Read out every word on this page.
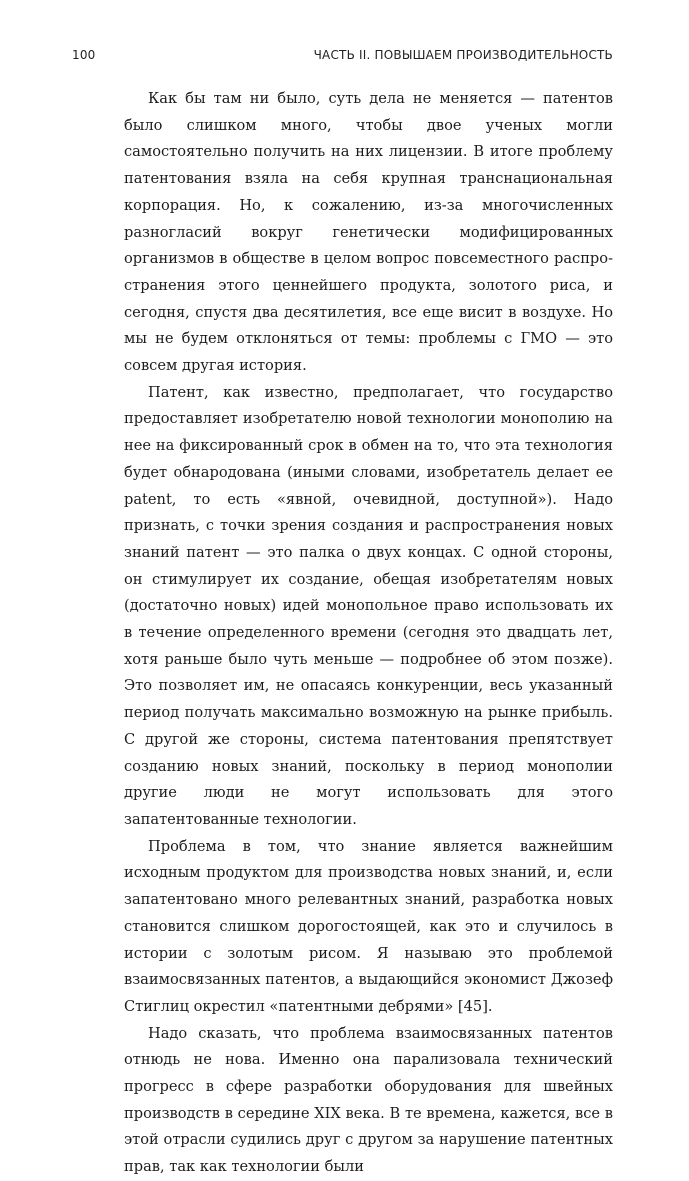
100	ЧАСТЬ II. ПОВЫШАЕМ ПРОИЗВОДИТЕЛЬНОСТЬ

Как бы там ни было, суть дела не меняется — патентов было слишком много, чтобы двое ученых могли самостоятельно получить на них лицензии. В итоге проблему патентования взяла на себя крупная транснациональная корпорация. Но, к сожалению, из-за многочисленных разногласий вокруг генетически модифицированных организмов в обществе в целом вопрос повсеместного распространения этого ценнейшего продукта, золотого риса, и сегодня, спустя два десятилетия, все еще висит в воздухе. Но мы не будем отклоняться от темы: проблемы с ГМО — это совсем другая история.

Патент, как известно, предполагает, что государство предоставляет изобретателю новой технологии монополию на нее на фиксированный срок в обмен на то, что эта технология будет обнародована (иными словами, изобретатель делает ее patent, то есть «явной, очевидной, доступной»). Надо признать, с точки зрения создания и распространения новых знаний патент — это палка о двух концах. С одной стороны, он стимулирует их создание, обещая изобретателям новых (достаточно новых) идей монопольное право использовать их в течение определенного времени (сегодня это двадцать лет, хотя раньше было чуть меньше — подробнее об этом позже). Это позволяет им, не опасаясь конкуренции, весь указанный период получать максимально возможную на рынке прибыль. С другой же стороны, система патентования препятствует созданию новых знаний, поскольку в период монополии другие люди не могут использовать для этого запатентованные технологии.

Проблема в том, что знание является важнейшим исходным продуктом для производства новых знаний, и, если запатентовано много релевантных знаний, разработка новых становится слишком дорогостоящей, как это и случилось в истории с золотым рисом. Я называю это проблемой взаимосвязанных патентов, а выдающийся экономист Джозеф Стиглиц окрестил «патентными дебрями» [45].

Надо сказать, что проблема взаимосвязанных патентов отнюдь не нова. Именно она парализовала технический прогресс в сфере разработки оборудования для швейных производств в середине XIX века. В те времена, кажется, все в этой отрасли судились друг с другом за нарушение патентных прав, так как технологии были
